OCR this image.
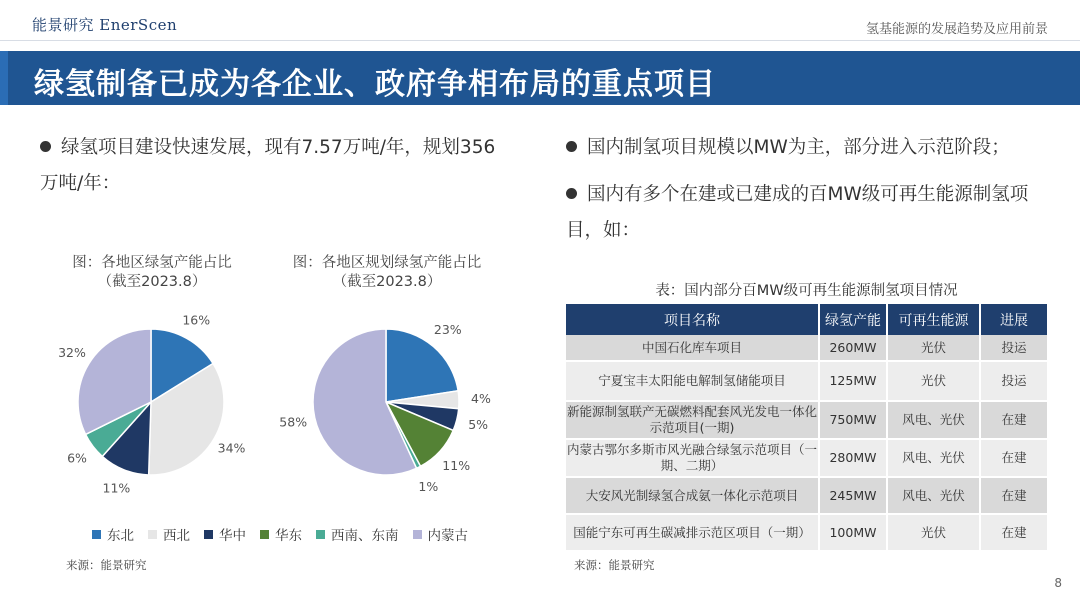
能景研究 EnerScen	氢基能源的发展趋势及应用前景
绿氢制备已成为各企业、政府争相布局的重点项目
绿氢项目建设快速发展，现有7.57万吨/年，规划356万吨/年：
国内制氢项目规模以MW为主，部分进入示范阶段；
国内有多个在建或已建成的百MW级可再生能源制氢项目，如：
图：各地区绿氢产能占比
（截至2023.8）
图：各地区规划绿氢产能占比
（截至2023.8）
16%
34%
11%
6%
32%
23%
4%
5%
11%
1%
58%
东北 西北 华中 华东 西南、东南 内蒙古
来源：能景研究	来源：能景研究
表：国内部分百MW级可再生能源制氢项目情况
项目名称	绿氢产能	可再生能源	进展
中国石化库车项目	260MW	光伏	投运
宁夏宝丰太阳能电解制氢储能项目	125MW	光伏	投运
新能源制氢联产无碳燃料配套风光发电一体化示范项目(一期)	750MW	风电、光伏	在建
内蒙古鄂尔多斯市风光融合绿氢示范项目（一期、二期）	280MW	风电、光伏	在建
大安风光制绿氢合成氨一体化示范项目	245MW	风电、光伏	在建
国能宁东可再生碳减排示范区项目（一期）	100MW	光伏	在建
8
